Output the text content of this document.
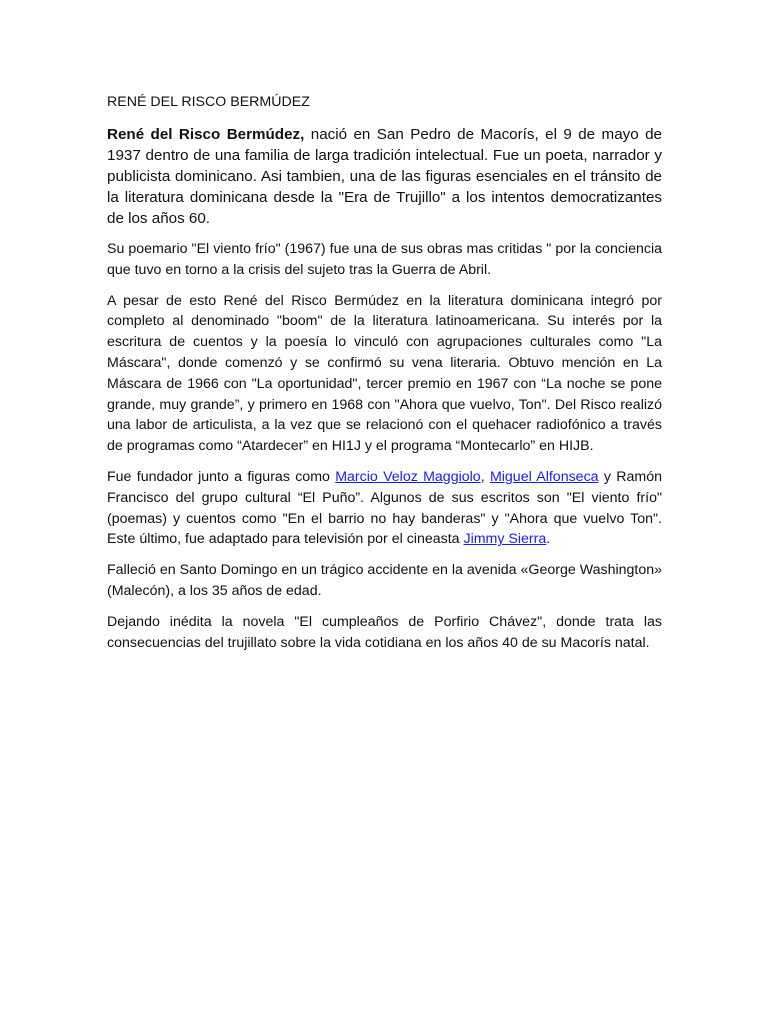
RENÉ DEL RISCO BERMÚDEZ

René del Risco Bermúdez, nació en San Pedro de Macorís, el 9 de mayo de 1937 dentro de una familia de larga tradición intelectual. Fue un poeta, narrador y publicista dominicano. Asi tambien, una de las figuras esenciales en el tránsito de la literatura dominicana desde la "Era de Trujillo" a los intentos democratizantes de los años 60.

Su poemario "El viento frío" (1967) fue una de sus obras mas critidas " por la conciencia que tuvo en torno a la crisis del sujeto tras la Guerra de Abril.

A pesar de esto René del Risco Bermúdez en la literatura dominicana integró por completo al denominado "boom" de la literatura latinoamericana. Su interés por la escritura de cuentos y la poesía lo vinculó con agrupaciones culturales como "La Máscara", donde comenzó y se confirmó su vena literaria. Obtuvo mención en La Máscara de 1966 con "La oportunidad", tercer premio en 1967 con “La noche se pone grande, muy grande”, y primero en 1968 con "Ahora que vuelvo, Ton". Del Risco realizó una labor de articulista, a la vez que se relacionó con el quehacer radiofónico a través de programas como “Atardecer” en HI1J y el programa “Montecarlo” en HIJB.

Fue fundador junto a figuras como Marcio Veloz Maggiolo, Miguel Alfonseca y Ramón Francisco del grupo cultural “El Puño”. Algunos de sus escritos son "El viento frío" (poemas) y cuentos como "En el barrio no hay banderas" y "Ahora que vuelvo Ton". Este último, fue adaptado para televisión por el cineasta Jimmy Sierra.

Falleció en Santo Domingo en un trágico accidente en la avenida «George Washington» (Malecón), a los 35 años de edad.

Dejando inédita la novela "El cumpleaños de Porfirio Chávez", donde trata las consecuencias del trujillato sobre la vida cotidiana en los años 40 de su Macorís natal.
